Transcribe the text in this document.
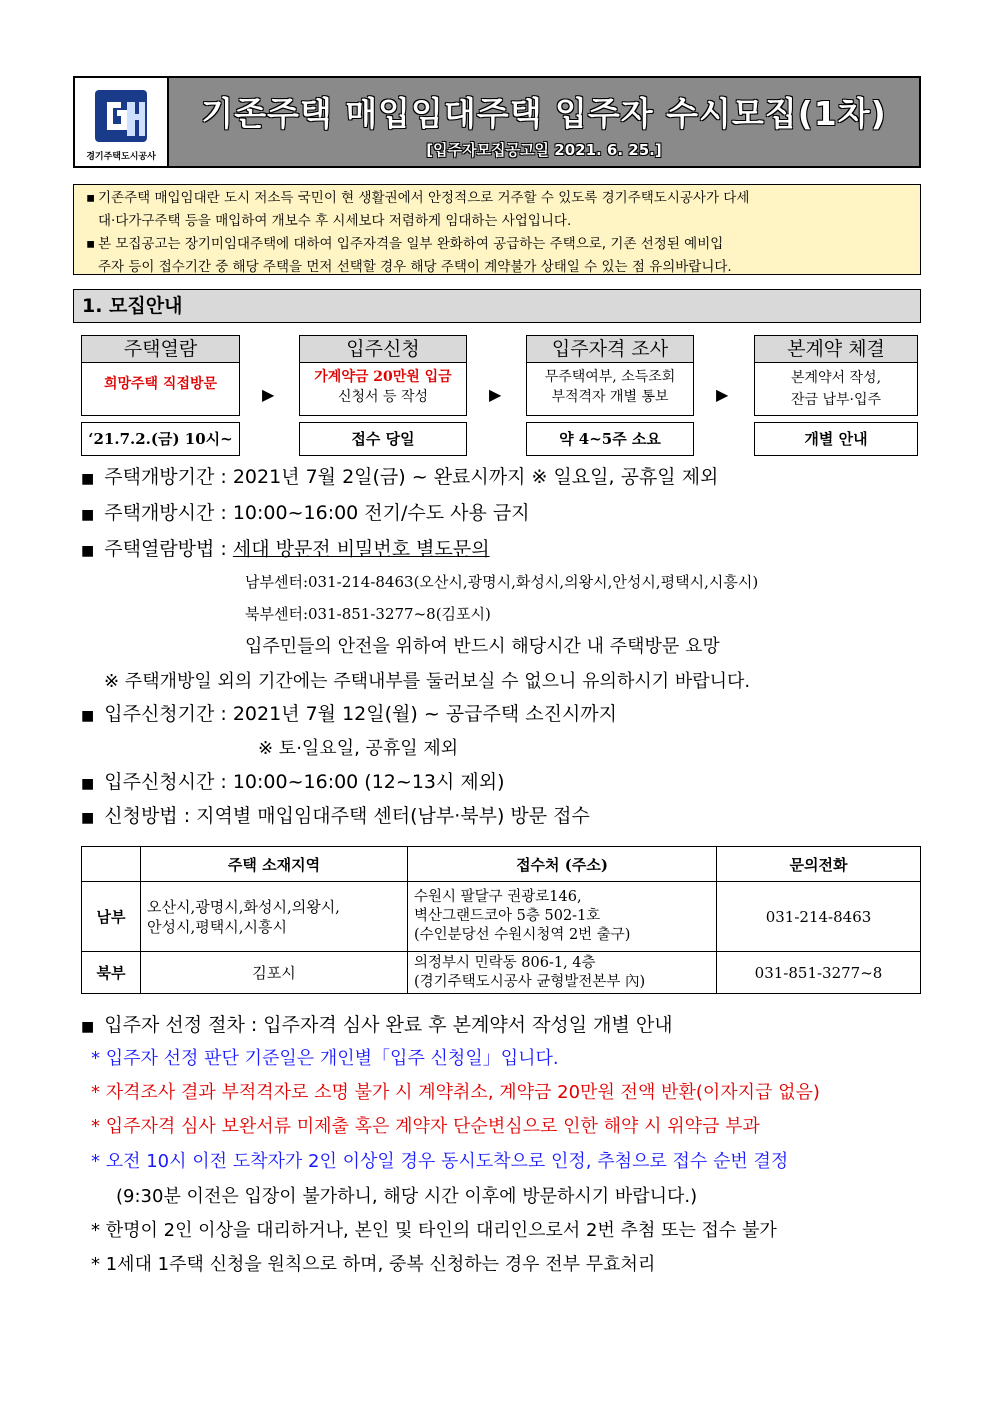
경기주택도시공사
기존주택 매입임대주택 입주자 수시모집(1차)
[입주자모집공고일 2021. 6. 25.]
▪ 기존주택 매입임대란 도시 저소득 국민이 현 생활권에서 안정적으로 거주할 수 있도록 경기주택도시공사가 다세
대·다가구주택 등을 매입하여 개보수 후 시세보다 저렴하게 임대하는 사업입니다.
▪ 본 모집공고는 장기미임대주택에 대하여 입주자격을 일부 완화하여 공급하는 주택으로, 기존 선정된 예비입
주자 등이 접수기간 중 해당 주택을 먼저 선택할 경우 해당 주택이 계약불가 상태일 수 있는 점 유의바랍니다.
1. 모집안내
주택열람
희망주택 직접방문
▶
입주신청
가계약금 20만원 입금
신청서 등 작성	▶
입주자격 조사
무주택여부, 소득조회
부적격자 개별 통보	▶
본계약 체결
본계약서 작성,
잔금 납부·입주
‘21.7.2.(금) 10시~	접수 당일	약 4~5주 소요	개별 안내
■ 주택개방기간 : 2021년 7월 2일(금) ~ 완료시까지 ※ 일요일, 공휴일 제외
■ 주택개방시간 : 10:00~16:00 전기/수도 사용 금지
■ 주택열람방법 : 세대 방문전 비밀번호 별도문의
남부센터:031-214-8463(오산시,광명시,화성시,의왕시,안성시,평택시,시흥시)
북부센터:031-851-3277~8(김포시)
입주민들의 안전을 위하여 반드시 해당시간 내 주택방문 요망
※ 주택개방일 외의 기간에는 주택내부를 둘러보실 수 없으니 유의하시기 바랍니다.
■ 입주신청기간 : 2021년 7월 12일(월) ~ 공급주택 소진시까지
※ 토·일요일, 공휴일 제외
■ 입주신청시간 : 10:00~16:00 (12~13시 제외)
■ 신청방법 : 지역별 매입임대주택 센터(남부·북부) 방문 접수
	주택 소재지역	접수처 (주소)	문의전화
남부	오산시,광명시,화성시,의왕시,
안성시,평택시,시흥시	수원시 팔달구 권광로146,
벽산그랜드코아 5층 502-1호
(수인분당선 수원시청역 2번 출구)	031-214-8463
북부	김포시	의정부시 민락동 806-1, 4층
(경기주택도시공사 균형발전본부 內)	031-851-3277~8
■ 입주자 선정 절차 : 입주자격 심사 완료 후 본계약서 작성일 개별 안내
* 입주자 선정 판단 기준일은 개인별「입주 신청일」입니다.
* 자격조사 결과 부적격자로 소명 불가 시 계약취소, 계약금 20만원 전액 반환(이자지급 없음)
* 입주자격 심사 보완서류 미제출 혹은 계약자 단순변심으로 인한 해약 시 위약금 부과
* 오전 10시 이전 도착자가 2인 이상일 경우 동시도착으로 인정, 추첨으로 접수 순번 결정
(9:30분 이전은 입장이 불가하니, 해당 시간 이후에 방문하시기 바랍니다.)
* 한명이 2인 이상을 대리하거나, 본인 및 타인의 대리인으로서 2번 추첨 또는 접수 불가
* 1세대 1주택 신청을 원칙으로 하며, 중복 신청하는 경우 전부 무효처리
